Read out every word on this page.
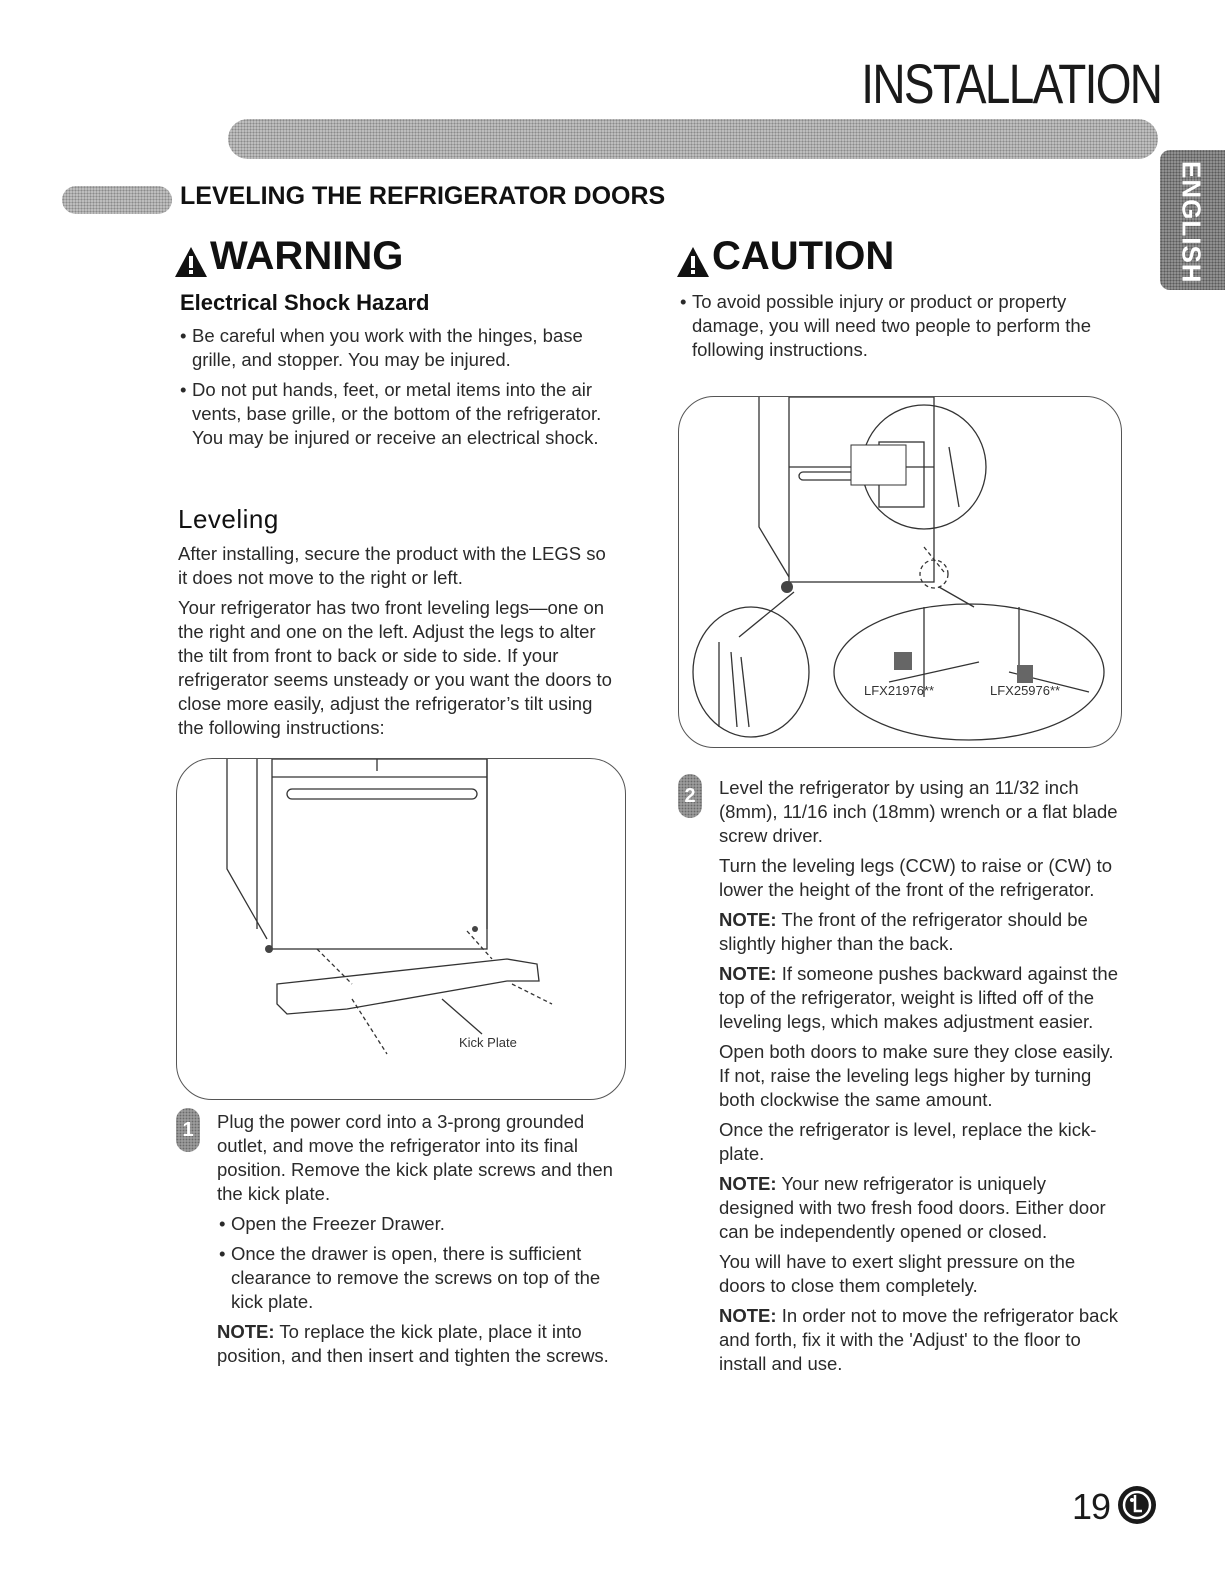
INSTALLATION
ENGLISH
LEVELING THE REFRIGERATOR DOORS
WARNING
Electrical Shock Hazard
• Be careful when you work with the hinges, base grille, and stopper. You may be injured.
• Do not put hands, feet, or metal items into the air vents, base grille, or the bottom of the refrigerator. You may be injured or receive an electrical shock.
Leveling

After installing, secure the product with the LEGS so it does not move to the right or left.

Your refrigerator has two front leveling legs—one on the right and one on the left. Adjust the legs to alter the tilt from front to back or side to side. If your refrigerator seems unsteady or you want the doors to close more easily, adjust the refrigerator’s tilt using the following instructions:

Kick Plate
1	Plug the power cord into a 3-prong grounded outlet, and move the refrigerator into its final position. Remove the kick plate screws and then the kick plate.

• Open the Freezer Drawer.
• Once the drawer is open, there is sufficient clearance to remove the screws on top of the kick plate.

NOTE: To replace the kick plate, place it into position, and then insert and tighten the screws.

CAUTION
• To avoid possible injury or product or property damage, you will need two people to perform the following instructions.
LFX21976**	LFX25976**
2	Level the refrigerator by using an 11/32 inch (8mm), 11/16 inch (18mm) wrench or a flat blade screw driver.

Turn the leveling legs (CCW) to raise or (CW) to lower the height of the front of the refrigerator.

NOTE: The front of the refrigerator should be slightly higher than the back.

NOTE: If someone pushes backward against the top of the refrigerator, weight is lifted off of the leveling legs, which makes adjustment easier.

Open both doors to make sure they close easily. If not, raise the leveling legs higher by turning both clockwise the same amount.

Once the refrigerator is level, replace the kick-plate.

NOTE: Your new refrigerator is uniquely designed with two fresh food doors. Either door can be independently opened or closed.

You will have to exert slight pressure on the doors to close them completely.

NOTE: In order not to move the refrigerator back and forth, fix it with the 'Adjust' to the floor to install and use.

19
